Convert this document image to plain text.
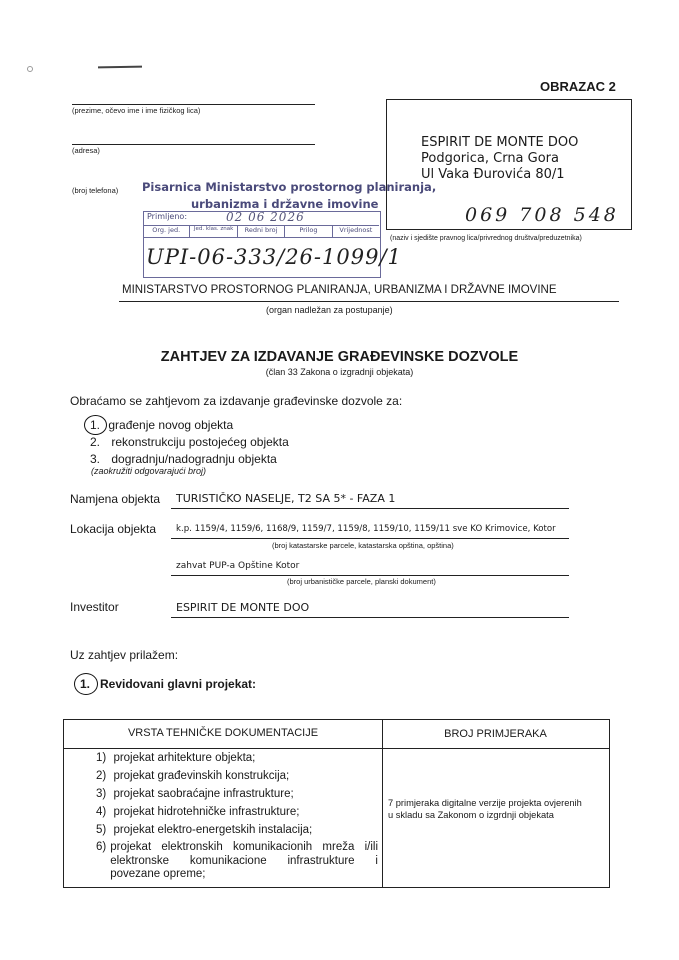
OBRAZAC 2
(prezime, očevo ime i ime fizičkog lica)
(adresa)
(broj telefona)
ESPIRIT DE MONTE DOO
Podgorica, Crna Gora
Ul Vaka Đurovića 80/1
069 708 548
(naziv i sjedište pravnog lica/privrednog društva/preduzetnika)
Pisarnica Ministarstvo prostornog planiranja,
urbanizma i državne imovine
Primljeno:	02 06 2026
Org. jed.	Jed. klas. znak	Redni broj	Prilog	Vrijednost
UPI-06-333/26-1099/1
MINISTARSTVO PROSTORNOG PLANIRANJA, URBANIZMA I DRŽAVNE IMOVINE
(organ nadležan za postupanje)
ZAHTJEV ZA IZDAVANJE GRAĐEVINSKE DOZVOLE
(član 33 Zakona o izgradnji objekata)
Obraćamo se zahtjevom za izdavanje građevinske dozvole za:
1. građenje novog objekta
2. rekonstrukciju postojećeg objekta
3. dogradnju/nadogradnju objekta
(zaokružiti odgovarajući broj)
Namjena objekta TURISTIČKO NASELJE, T2 SA 5* - FAZA 1
Lokacija objekta k.p. 1159/4, 1159/6, 1168/9, 1159/7, 1159/8, 1159/10, 1159/11 sve KO Krimovice, Kotor
(broj katastarske parcele, katastarska opština, opština)
zahvat PUP-a Opštine Kotor
(broj urbanističke parcele, planski dokument)
Investitor	ESPIRIT DE MONTE DOO
Uz zahtjev prilažem:
1. Revidovani glavni projekat:
VRSTA TEHNIČKE DOKUMENTACIJE	BROJ PRIMJERAKA
1) projekat arhitekture objekta;
2) projekat građevinskih konstrukcija;
3) projekat saobraćajne infrastrukture;
4) projekat hidrotehničke infrastrukture;
5) projekat elektro-energetskih instalacija;
6) projekat elektronskih komunikacionih mreža i/ili elektronske komunikacione infrastrukture i povezane opreme;
7 primjeraka digitalne verzije projekta ovjerenih u skladu sa Zakonom o izgrdnji objekata
